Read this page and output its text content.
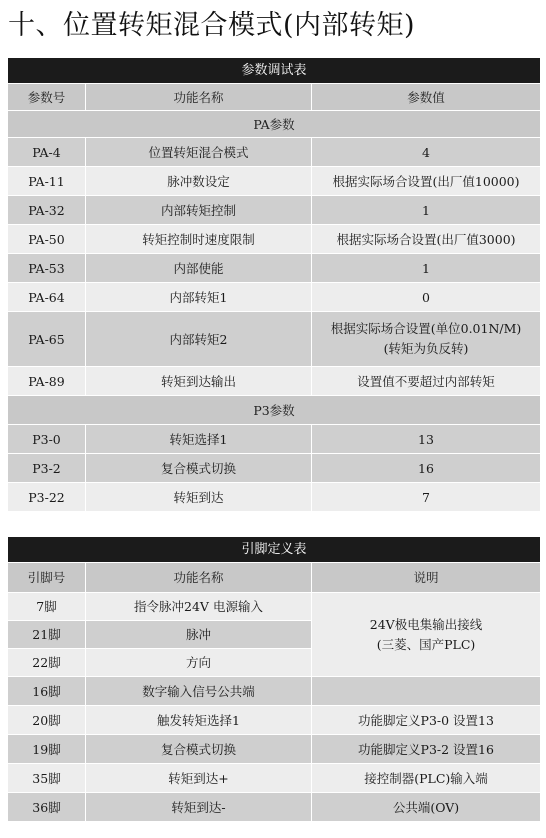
十、位置转矩混合模式(内部转矩)
参数调试表		
参数号	功能名称	参数值
PA参数		
PA-4	位置转矩混合模式	4
PA-11	脉冲数设定	根据实际场合设置(出厂值10000)
PA-32	内部转矩控制	1
PA-50	转矩控制时速度限制	根据实际场合设置(出厂值3000)
PA-53	内部使能	1
PA-64	内部转矩1	0
PA-65	内部转矩2	根据实际场合设置(单位0.01N/M)
(转矩为负反转)

PA-89	转矩到达输出	设置值不要超过内部转矩
P3参数		
P3-0	转矩选择1	13
P3-2	复合模式切换	16
P3-22	转矩到达	7
引脚定义表		
引脚号	功能名称	说明
7脚	指令脉冲24V 电源输入	24V极电集输出接线
(三菱、国产PLC)

21脚	脉冲	
22脚	方向	
16脚	数字输入信号公共端	
20脚	触发转矩选择1	功能脚定义P3-0 设置13
19脚	复合模式切换	功能脚定义P3-2 设置16
35脚	转矩到达+	接控制器(PLC)输入端
36脚	转矩到达-	公共端(OV)
